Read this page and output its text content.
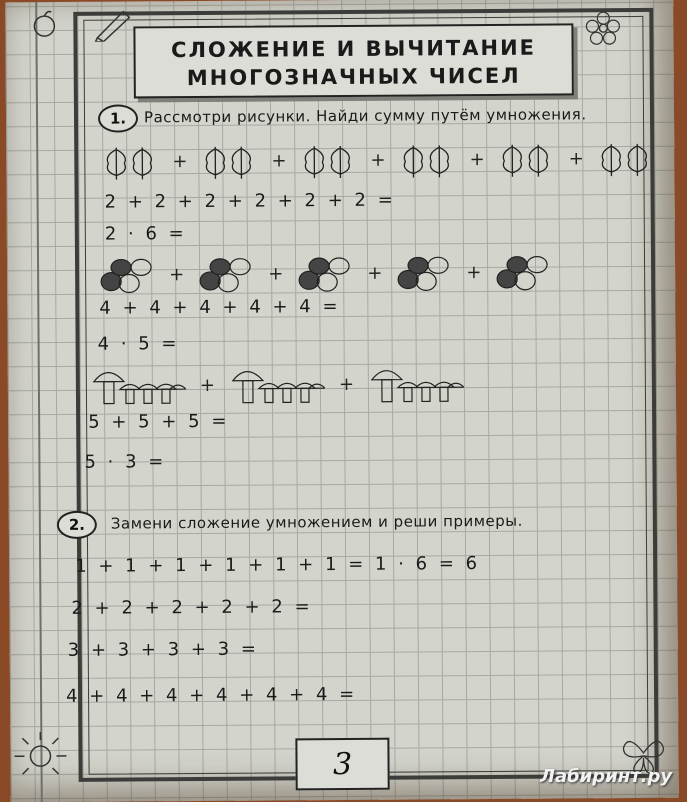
СЛОЖЕНИЕ И ВЫЧИТАНИЕ
МНОГОЗНАЧНЫХ ЧИСЕЛ
1.	Рассмотри рисунки. Найди сумму путём умножения.
+	+	+	+	+
2 + 2 + 2 + 2 + 2 + 2 =
2 · 6 =
+	+	+	+
4 + 4 + 4 + 4 + 4 =
4 · 5 =
+	+
5 + 5 + 5 =
5 · 3 =
2.	Замени сложение умножением и реши примеры.
1 + 1 + 1 + 1 + 1 + 1 = 1 · 6 = 6
2 + 2 + 2 + 2 + 2 =
3 + 3 + 3 + 3 =
4 + 4 + 4 + 4 + 4 + 4 =
3	Лабиринт.ру
